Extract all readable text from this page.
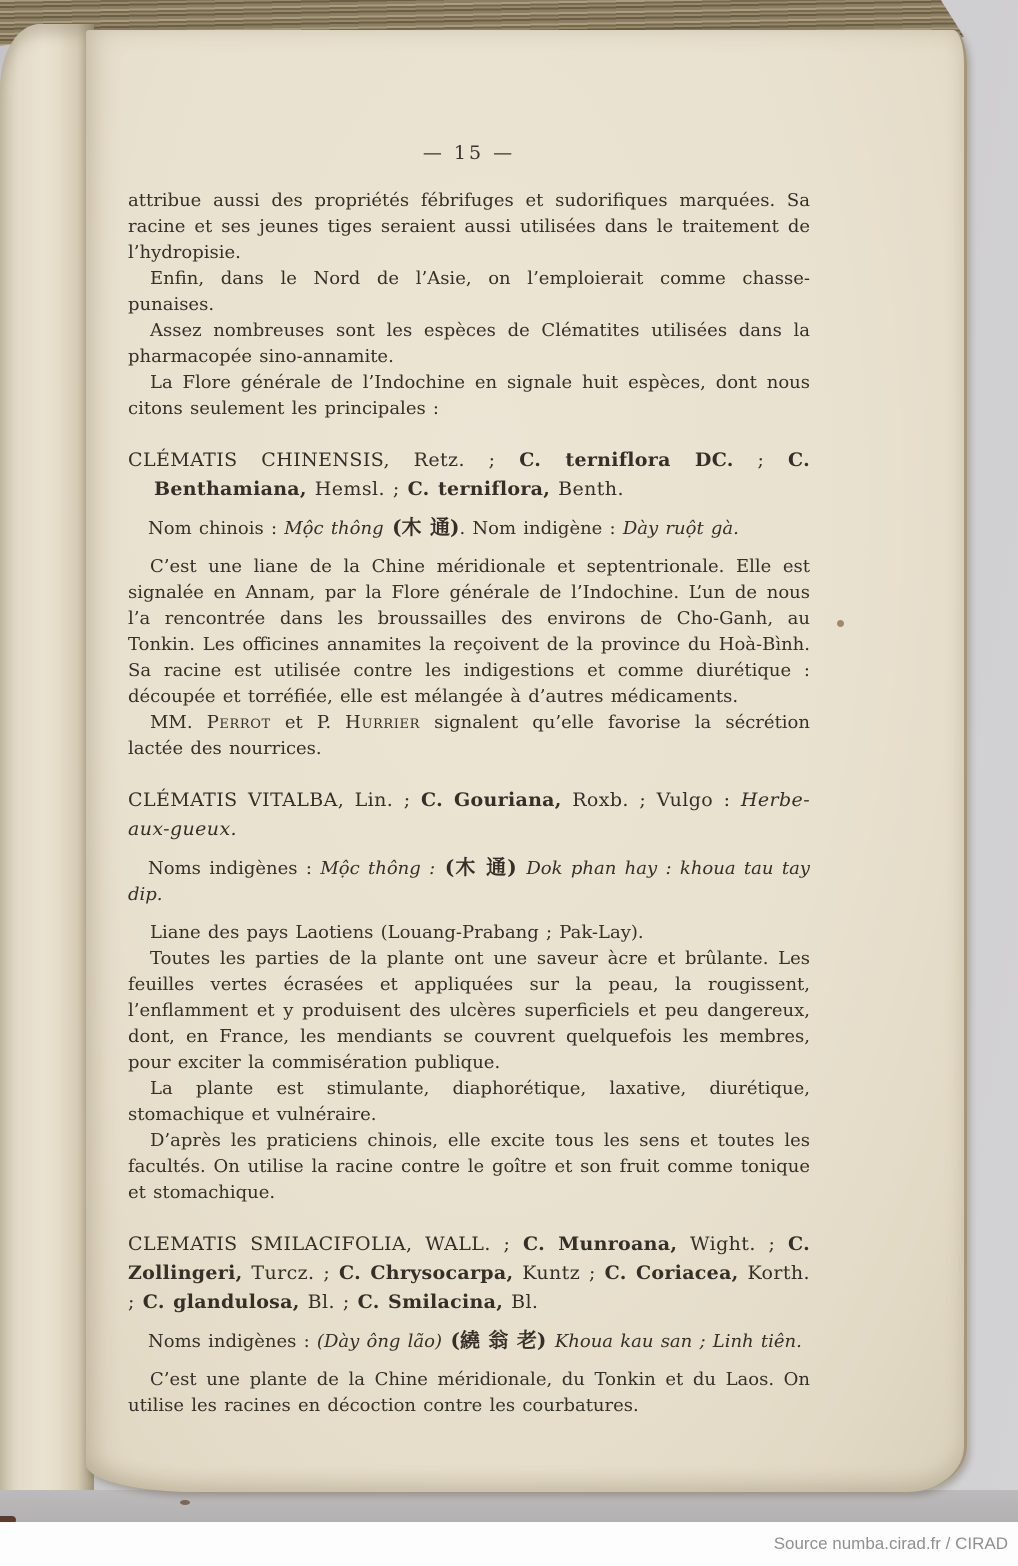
— 15 —
attribue aussi des propriétés fébrifuges et sudorifiques marquées. Sa racine et ses jeunes tiges seraient aussi utilisées dans le traitement de l’hydropisie.
Enfin, dans le Nord de l’Asie, on l’emploierait comme chasse-punaises.
Assez nombreuses sont les espèces de Clématites utilisées dans la pharmacopée sino-annamite.
La Flore générale de l’Indochine en signale huit espèces, dont nous citons seulement les principales :
CLÉMATIS CHINENSIS, Retz. ; C. terniflora DC. ; C. Benthamiana, Hemsl. ; C. terniflora, Benth.
Nom chinois : Mộc thông (木 通). Nom indigène : Dày ruột gà.
C’est une liane de la Chine méridionale et septentrionale. Elle est signalée en Annam, par la Flore générale de l’Indochine. L’un de nous l’a rencontrée dans les broussailles des environs de Cho-Ganh, au Tonkin. Les officines annamites la reçoivent de la province du Hoà-Bình. Sa racine est utilisée contre les indigestions et comme diurétique : découpée et torréfiée, elle est mélangée à d’autres médicaments.
MM. Perrot et P. Hurrier signalent qu’elle favorise la sécrétion lactée des nourrices.
CLÉMATIS VITALBA, Lin. ; C. Gouriana, Roxb. ; Vulgo : Herbe-aux-gueux.
Noms indigènes : Mộc thông : (木 通) Dok phan hay : khoua tau tay dip.
Liane des pays Laotiens (Louang-Prabang ; Pak-Lay).
Toutes les parties de la plante ont une saveur àcre et brûlante. Les feuilles vertes écrasées et appliquées sur la peau, la rougissent, l’enflamment et y produisent des ulcères superficiels et peu dangereux, dont, en France, les mendiants se couvrent quelquefois les membres, pour exciter la commisération publique.
La plante est stimulante, diaphorétique, laxative, diurétique, stomachique et vulnéraire.
D’après les praticiens chinois, elle excite tous les sens et toutes les facultés. On utilise la racine contre le goître et son fruit comme tonique et stomachique.
CLEMATIS SMILACIFOLIA, WALL. ; C. Munroana, Wight. ; C. Zollingeri, Turcz. ; C. Chrysocarpa, Kuntz ; C. Coriacea, Korth. ; C. glandulosa, Bl. ; C. Smilacina, Bl.
Noms indigènes : (Dày ông lão) (繞 翁 老) Khoua kau san ; Linh tiên.
C’est une plante de la Chine méridionale, du Tonkin et du Laos. On utilise les racines en décoction contre les courbatures.
Source numba.cirad.fr / CIRAD
